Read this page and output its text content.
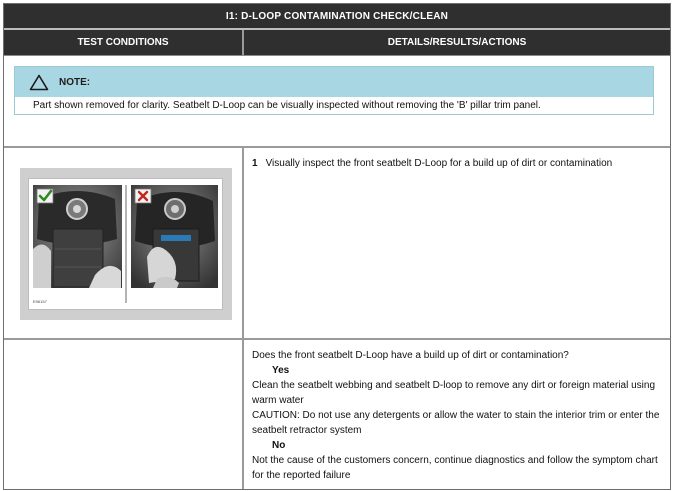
I1: D-LOOP CONTAMINATION CHECK/CLEAN
TEST CONDITIONS	DETAILS/RESULTS/ACTIONS
NOTE:
Part shown removed for clarity. Seatbelt D-Loop can be visually inspected without removing the 'B' pillar trim panel.
E96157
1 Visually inspect the front seatbelt D-Loop for a build up of dirt or contamination
Does the front seatbelt D-Loop have a build up of dirt or contamination?
Yes
Clean the seatbelt webbing and seatbelt D-loop to remove any dirt or foreign material using warm water
CAUTION: Do not use any detergents or allow the water to stain the interior trim or enter the seatbelt retractor system
No
Not the cause of the customers concern, continue diagnostics and follow the symptom chart for the reported failure
